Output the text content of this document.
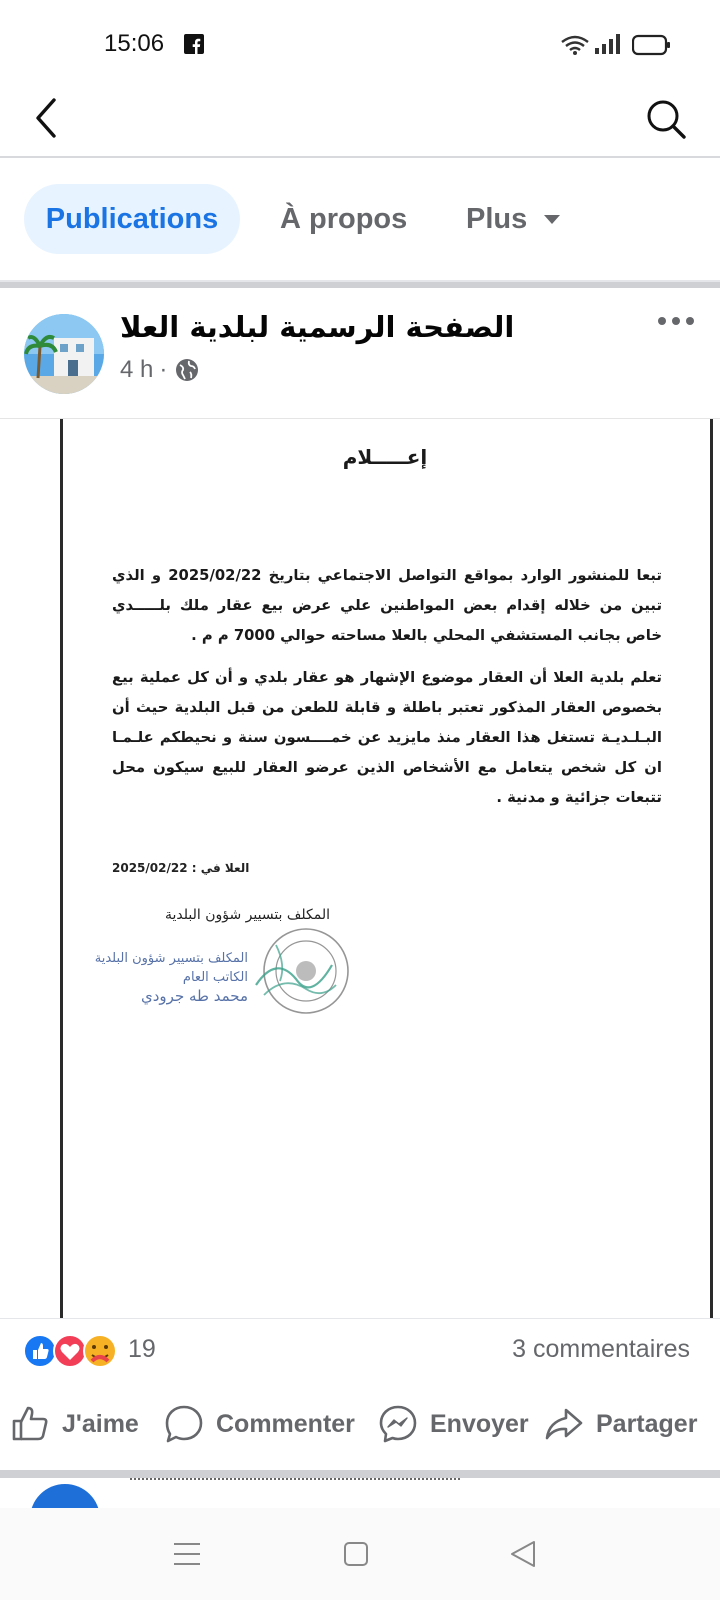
15:06
Publications	À propos Plus
الصفحة الرسمية لبلدية العلا
4 h ·
إعـــــلام
تبعا للمنشور الوارد بمواقع التواصل الاجتماعي بتاريخ 2025/02/22 و الذي تبين من خلاله إقدام بعض المواطنين علي عرض بيع عقار ملك بلـــــدي خاص بجانب المستشفي المحلي بالعلا مساحته حوالي 7000 م م .
تعلم بلدية العلا أن العقار موضوع الإشهار هو عقار بلدي و أن كل عملية بيع بخصوص العقار المذكور تعتبر باطلة و قابلة للطعن من قبل البلدية حيث أن البـلـديـة تستغل هذا العقار منذ مايزيد عن خمــــسون سنة و نحيطكم علـمـا ان كل شخص يتعامل مع الأشخاص الذين عرضو العقار للبيع سيكون محل تتبعات جزائية و مدنية .
العلا في : 2025/02/22
المكلف بتسيير شؤون البلدية
المكلف بتسيير شؤون البلدية
الكاتب العام
محمد طه جرودي
19	3 commentaires
J'aime	Commenter	Envoyer	Partager
